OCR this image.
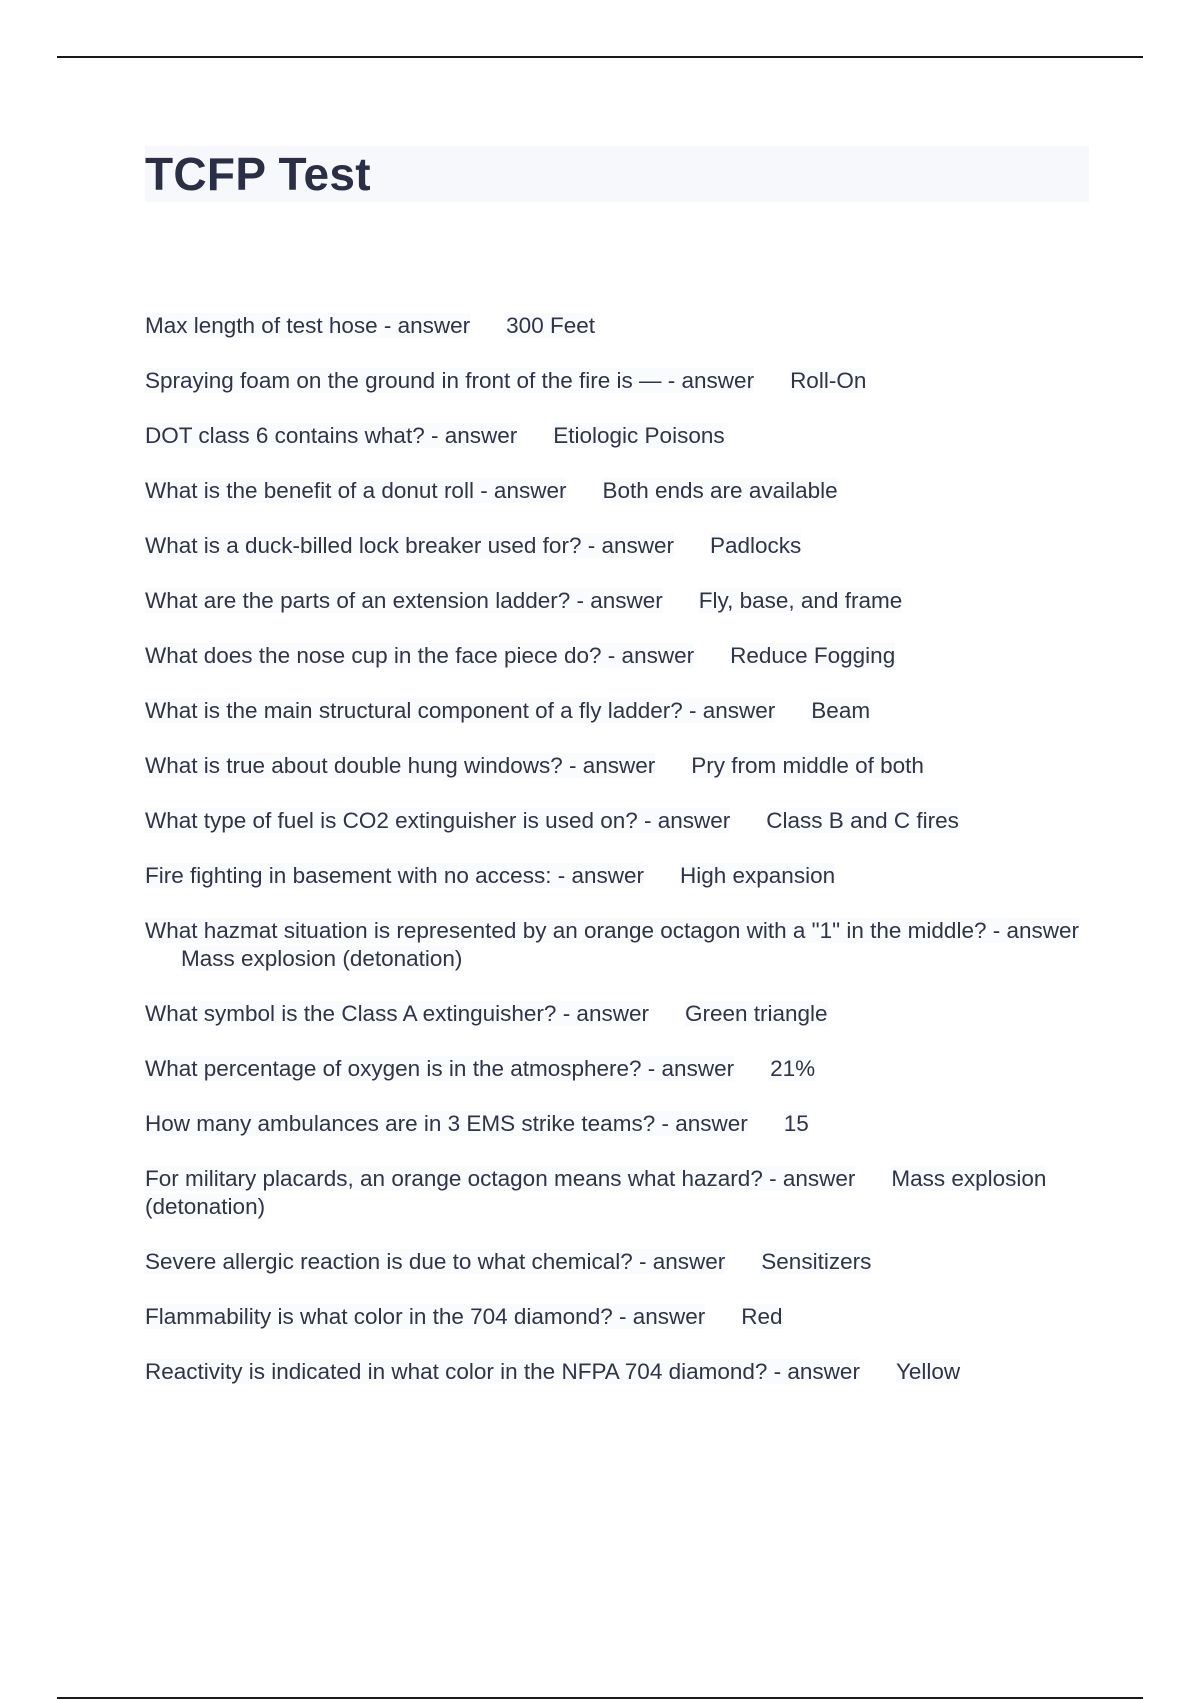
TCFP Test
Max length of test hose - answer 300 Feet
Spraying foam on the ground in front of the fire is — - answer Roll-On
DOT class 6 contains what? - answer Etiologic Poisons
What is the benefit of a donut roll - answer Both ends are available
What is a duck-billed lock breaker used for? - answer Padlocks
What are the parts of an extension ladder? - answer Fly, base, and frame
What does the nose cup in the face piece do? - answer Reduce Fogging
What is the main structural component of a fly ladder? - answer Beam
What is true about double hung windows? - answer Pry from middle of both
What type of fuel is CO2 extinguisher is used on? - answer Class B and C fires
Fire fighting in basement with no access: - answer High expansion
What hazmat situation is represented by an orange octagon with a "1" in the middle? - answerMass explosion (detonation)
What symbol is the Class A extinguisher? - answer Green triangle
What percentage of oxygen is in the atmosphere? - answer 21%
How many ambulances are in 3 EMS strike teams? - answer 15
For military placards, an orange octagon means what hazard? - answer Mass explosion (detonation)
Severe allergic reaction is due to what chemical? - answer Sensitizers
Flammability is what color in the 704 diamond? - answer Red
Reactivity is indicated in what color in the NFPA 704 diamond? - answer Yellow
